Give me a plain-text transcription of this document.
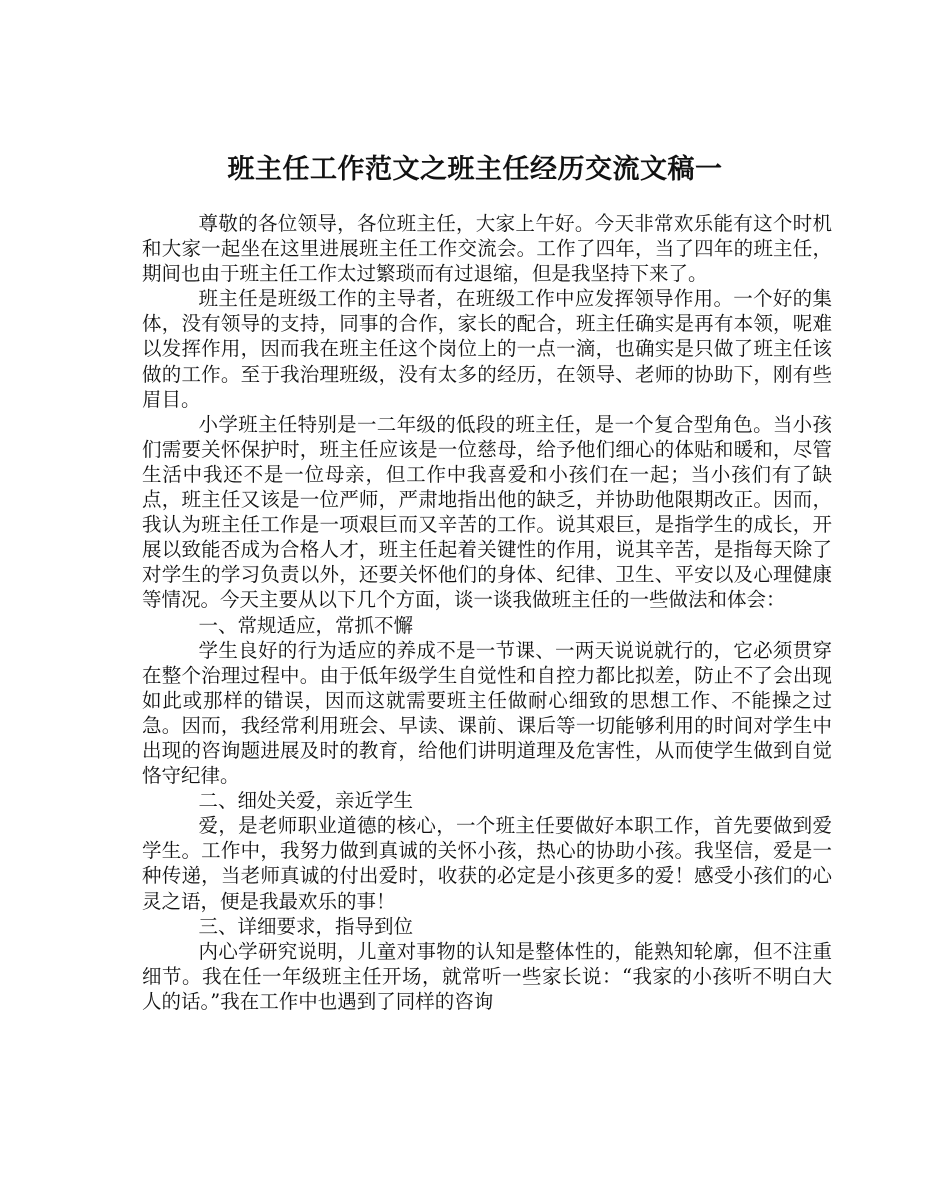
班主任工作范文之班主任经历交流文稿一

尊敬的各位领导，各位班主任，大家上午好。今天非常欢乐能有这个时机和大家一起坐在这里进展班主任工作交流会。工作了四年，当了四年的班主任，期间也由于班主任工作太过繁琐而有过退缩，但是我坚持下来了。

班主任是班级工作的主导者，在班级工作中应发挥领导作用。一个好的集体，没有领导的支持，同事的合作，家长的配合，班主任确实是再有本领，呢难以发挥作用，因而我在班主任这个岗位上的一点一滴，也确实是只做了班主任该做的工作。至于我治理班级，没有太多的经历，在领导、老师的协助下，刚有些眉目。

小学班主任特别是一二年级的低段的班主任，是一个复合型角色。当小孩们需要关怀保护时，班主任应该是一位慈母，给予他们细心的体贴和暖和，尽管生活中我还不是一位母亲，但工作中我喜爱和小孩们在一起；当小孩们有了缺点，班主任又该是一位严师，严肃地指出他的缺乏，并协助他限期改正。因而，我认为班主任工作是一项艰巨而又辛苦的工作。说其艰巨，是指学生的成长，开展以致能否成为合格人才，班主任起着关键性的作用，说其辛苦，是指每天除了对学生的学习负责以外，还要关怀他们的身体、纪律、卫生、平安以及心理健康等情况。今天主要从以下几个方面，谈一谈我做班主任的一些做法和体会：

一、常规适应，常抓不懈

学生良好的行为适应的养成不是一节课、一两天说说就行的，它必须贯穿在整个治理过程中。由于低年级学生自觉性和自控力都比拟差，防止不了会出现如此或那样的错误，因而这就需要班主任做耐心细致的思想工作、不能操之过急。因而，我经常利用班会、早读、课前、课后等一切能够利用的时间对学生中出现的咨询题进展及时的教育，给他们讲明道理及危害性，从而使学生做到自觉恪守纪律。

二、细处关爱，亲近学生

爱，是老师职业道德的核心，一个班主任要做好本职工作，首先要做到爱学生。工作中，我努力做到真诚的关怀小孩，热心的协助小孩。我坚信，爱是一种传递，当老师真诚的付出爱时，收获的必定是小孩更多的爱！感受小孩们的心灵之语，便是我最欢乐的事！

三、详细要求，指导到位

内心学研究说明，儿童对事物的认知是整体性的，能熟知轮廓，但不注重细节。我在任一年级班主任开场，就常听一些家长说：“我家的小孩听不明白大人的话。”我在工作中也遇到了同样的咨询
